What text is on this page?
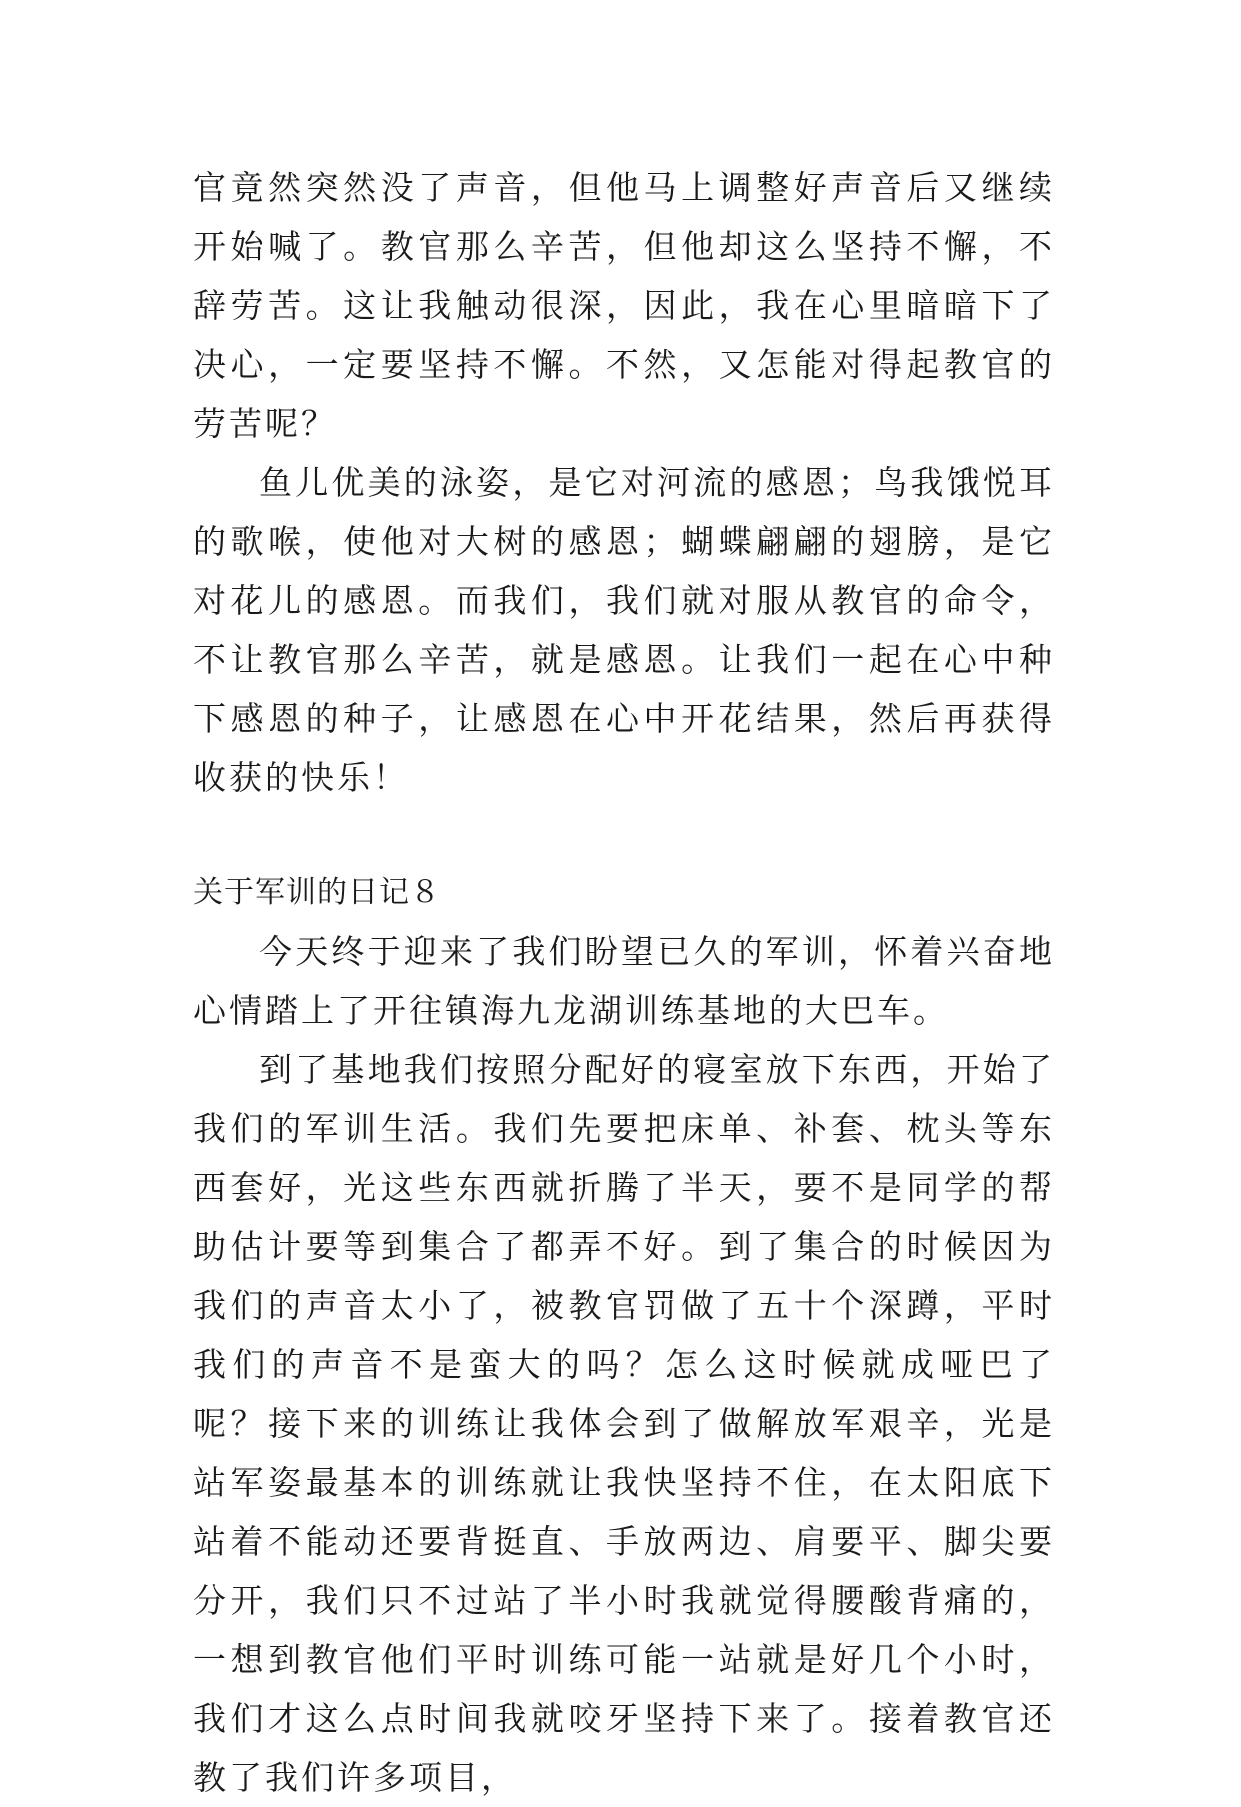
官竟然突然没了声音，但他马上调整好声音后又继续开始喊了。教官那么辛苦，但他却这么坚持不懈，不辞劳苦。这让我触动很深，因此，我在心里暗暗下了决心，一定要坚持不懈。不然，又怎能对得起教官的劳苦呢？

鱼儿优美的泳姿，是它对河流的感恩；鸟我饿悦耳的歌喉，使他对大树的感恩；蝴蝶翩翩的翅膀，是它对花儿的感恩。而我们，我们就对服从教官的命令，不让教官那么辛苦，就是感恩。让我们一起在心中种下感恩的种子，让感恩在心中开花结果，然后再获得收获的快乐！

关于军训的日记８

今天终于迎来了我们盼望已久的军训，怀着兴奋地心情踏上了开往镇海九龙湖训练基地的大巴车。

到了基地我们按照分配好的寝室放下东西，开始了我们的军训生活。我们先要把床单、补套、枕头等东西套好，光这些东西就折腾了半天，要不是同学的帮助估计要等到集合了都弄不好。到了集合的时候因为我们的声音太小了，被教官罚做了五十个深蹲，平时我们的声音不是蛮大的吗？怎么这时候就成哑巴了呢？接下来的训练让我体会到了做解放军艰辛，光是站军姿最基本的训练就让我快坚持不住，在太阳底下站着不能动还要背挺直、手放两边、肩要平、脚尖要分开，我们只不过站了半小时我就觉得腰酸背痛的，一想到教官他们平时训练可能一站就是好几个小时，我们才这么点时间我就咬牙坚持下来了。接着教官还教了我们许多项目，
